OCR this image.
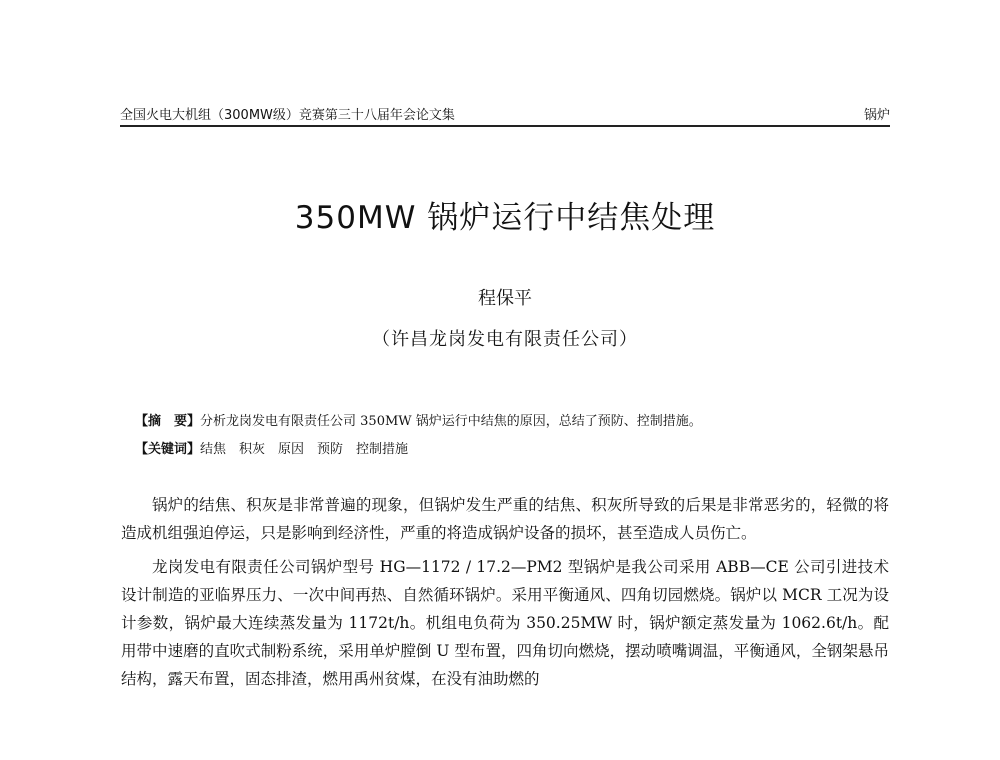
全国火电大机组（300MW级）竞赛第三十八届年会论文集	锅炉
350MW 锅炉运行中结焦处理
程保平
（许昌龙岗发电有限责任公司）
【摘　要】分析龙岗发电有限责任公司 350MW 锅炉运行中结焦的原因，总结了预防、控制措施。
【关键词】结焦　积灰　原因　预防　控制措施

锅炉的结焦、积灰是非常普遍的现象，但锅炉发生严重的结焦、积灰所导致的后果是非常恶劣的，轻微的将造成机组强迫停运，只是影响到经济性，严重的将造成锅炉设备的损坏，甚至造成人员伤亡。

龙岗发电有限责任公司锅炉型号 HG—1172 / 17.2—PM2 型锅炉是我公司采用 ABB—CE 公司引进技术设计制造的亚临界压力、一次中间再热、自然循环锅炉。采用平衡通风、四角切园燃烧。锅炉以 MCR 工况为设计参数，锅炉最大连续蒸发量为 1172t/h。机组电负荷为 350.25MW 时，锅炉额定蒸发量为 1062.6t/h。配用带中速磨的直吹式制粉系统，采用单炉膛倒 U 型布置，四角切向燃烧，摆动喷嘴调温，平衡通风，全钢架悬吊结构，露天布置，固态排渣，燃用禹州贫煤，在没有油助燃的
